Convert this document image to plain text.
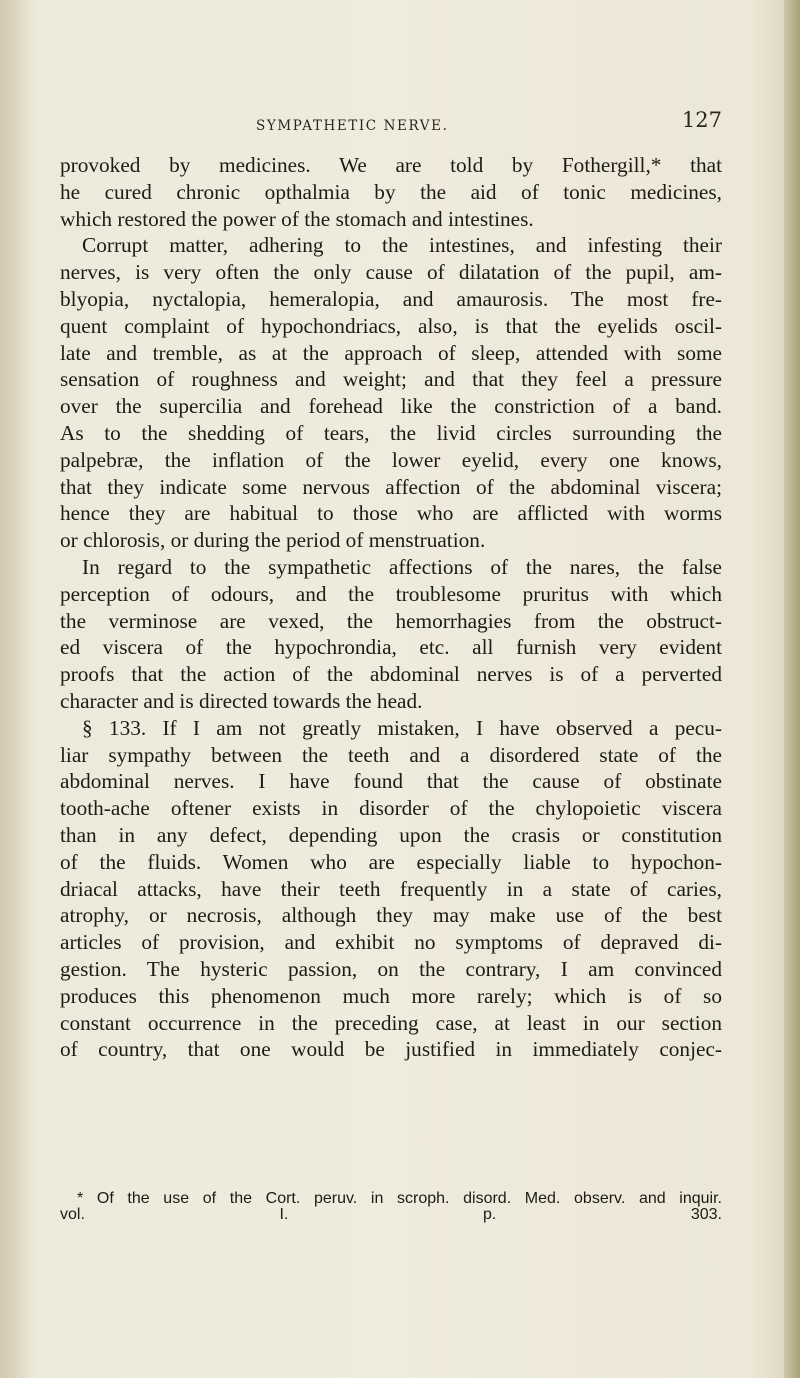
SYMPATHETIC NERVE.	127
provoked by medicines. We are told by Fothergill,* that
he cured chronic opthalmia by the aid of tonic medicines,
which restored the power of the stomach and intestines.
Corrupt matter, adhering to the intestines, and infesting their
nerves, is very often the only cause of dilatation of the pupil, am-
blyopia, nyctalopia, hemeralopia, and amaurosis. The most fre-
quent complaint of hypochondriacs, also, is that the eyelids oscil-
late and tremble, as at the approach of sleep, attended with some
sensation of roughness and weight; and that they feel a pressure
over the supercilia and forehead like the constriction of a band.
As to the shedding of tears, the livid circles surrounding the
palpebræ, the inflation of the lower eyelid, every one knows,
that they indicate some nervous affection of the abdominal viscera;
hence they are habitual to those who are afflicted with worms
or chlorosis, or during the period of menstruation.
In regard to the sympathetic affections of the nares, the false
perception of odours, and the troublesome pruritus with which
the verminose are vexed, the hemorrhagies from the obstruct-
ed viscera of the hypochrondia, etc. all furnish very evident
proofs that the action of the abdominal nerves is of a perverted
character and is directed towards the head.
§ 133. If I am not greatly mistaken, I have observed a pecu-
liar sympathy between the teeth and a disordered state of the
abdominal nerves. I have found that the cause of obstinate
tooth-ache oftener exists in disorder of the chylopoietic viscera
than in any defect, depending upon the crasis or constitution
of the fluids. Women who are especially liable to hypochon-
driacal attacks, have their teeth frequently in a state of caries,
atrophy, or necrosis, although they may make use of the best
articles of provision, and exhibit no symptoms of depraved di-
gestion. The hysteric passion, on the contrary, I am convinced
produces this phenomenon much more rarely; which is of so
constant occurrence in the preceding case, at least in our section
of country, that one would be justified in immediately conjec-
* Of the use of the Cort. peruv. in scroph. disord. Med. observ. and inquir.
vol. I. p. 303.
